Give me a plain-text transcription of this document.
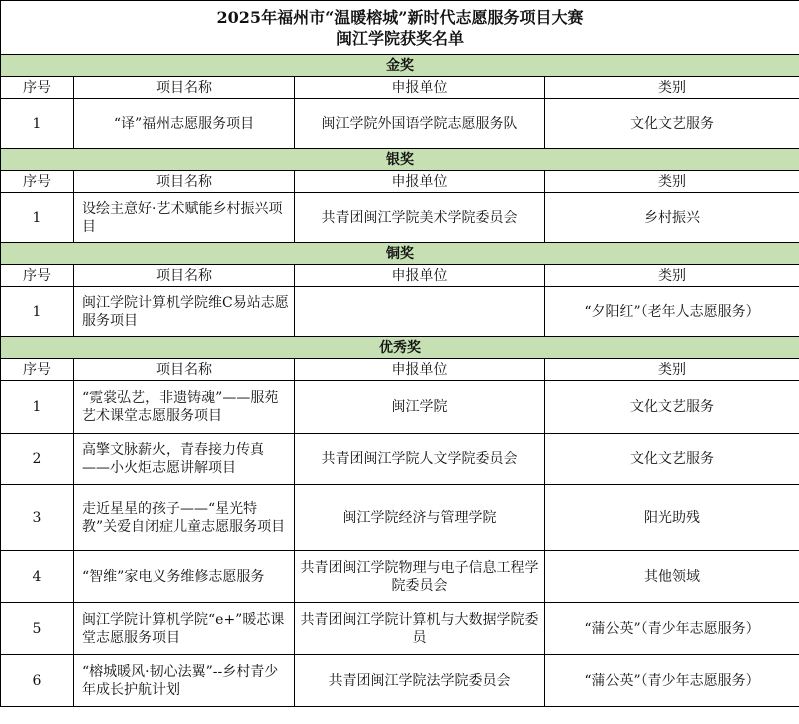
2025年福州市“温暖榕城”新时代志愿服务项目大赛
闽江学院获奖名单			

金奖			
序号	项目名称	申报单位	类别
1	“译”福州志愿服务项目	闽江学院外国语学院志愿服务队	文化文艺服务
银奖			
序号	项目名称	申报单位	类别
1	设绘主意好·艺术赋能乡村振兴项目	共青团闽江学院美术学院委员会	乡村振兴
铜奖			
序号	项目名称	申报单位	类别
1	闽江学院计算机学院维C易站志愿服务项目		“夕阳红”（老年人志愿服务）
优秀奖			
序号	项目名称	申报单位	类别
1	“霓裳弘艺，非遗铸魂”——服苑艺术课堂志愿服务项目	闽江学院	文化文艺服务
2	高擎文脉薪火，青春接力传真——小火炬志愿讲解项目	共青团闽江学院人文学院委员会	文化文艺服务
3	走近星星的孩子——“星光特教”关爱自闭症儿童志愿服务项目	闽江学院经济与管理学院	阳光助残
4	“智维”家电义务维修志愿服务	共青团闽江学院物理与电子信息工程学院委员会	其他领域
5	闽江学院计算机学院“e+”暖芯课堂志愿服务项目	共青团闽江学院计算机与大数据学院委员	“蒲公英”（青少年志愿服务）
6	“榕城暖风·韧心法翼”--乡村青少年成长护航计划	共青团闽江学院法学院委员会	“蒲公英”（青少年志愿服务）
